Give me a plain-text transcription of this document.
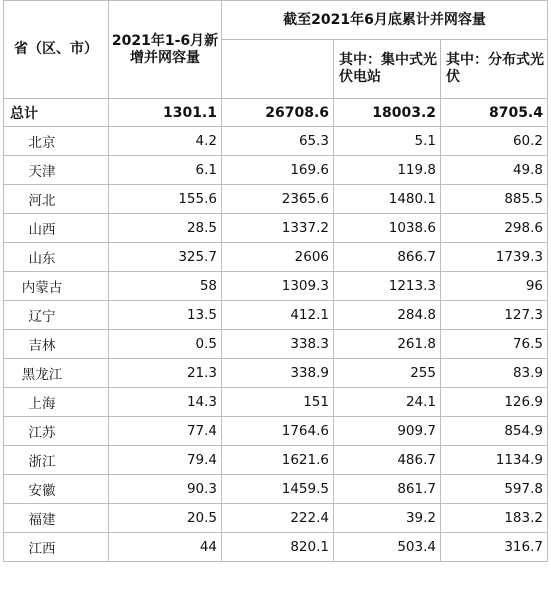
省（区、市）	2021年1-6月新增并网容量	截至2021年6月底累计并网容量		
			其中：集中式光伏电站	其中：分布式光伏
总计	1301.1	26708.6	18003.2	8705.4
北京	4.2	65.3	5.1	60.2
天津	6.1	169.6	119.8	49.8
河北	155.6	2365.6	1480.1	885.5
山西	28.5	1337.2	1038.6	298.6
山东	325.7	2606	866.7	1739.3
内蒙古	58	1309.3	1213.3	96
辽宁	13.5	412.1	284.8	127.3
吉林	0.5	338.3	261.8	76.5
黑龙江	21.3	338.9	255	83.9
上海	14.3	151	24.1	126.9
江苏	77.4	1764.6	909.7	854.9
浙江	79.4	1621.6	486.7	1134.9
安徽	90.3	1459.5	861.7	597.8
福建	20.5	222.4	39.2	183.2
江西	44	820.1	503.4	316.7
